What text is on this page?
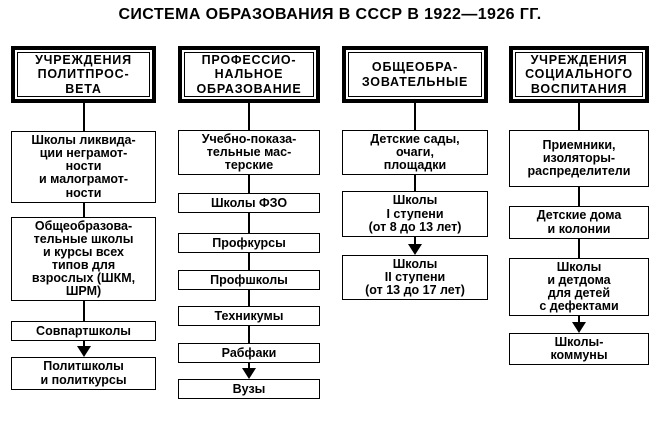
СИСТЕМА ОБРАЗОВАНИЯ В СССР В 1922—1926 ГГ.
УЧРЕЖДЕНИЯ
ПОЛИТПРОС-
ВЕТА
Школы ликвида-
ции неграмот-
ности
и малограмот-
ности
Общеобразова-
тельные школы
и курсы всех
типов для
взрослых (ШКМ,
ШРМ)
Совпартшколы
Политшколы
и политкурсы
ПРОФЕССИО-
НАЛЬНОЕ
ОБРАЗОВАНИЕ
Учебно-показа-
тельные мас-
терские
Школы ФЗО
Профкурсы
Профшколы
Техникумы
Рабфаки
Вузы
ОБЩЕОБРА-
ЗОВАТЕЛЬНЫЕ
Детские сады,
очаги,
площадки
Школы
I ступени
(от 8 до 13 лет)
Школы
II ступени
(от 13 до 17 лет)
УЧРЕЖДЕНИЯ
СОЦИАЛЬНОГО
ВОСПИТАНИЯ
Приемники,
изоляторы-
распределители
Детские дома
и колонии
Школы
и детдома
для детей
с дефектами
Школы-
коммуны
